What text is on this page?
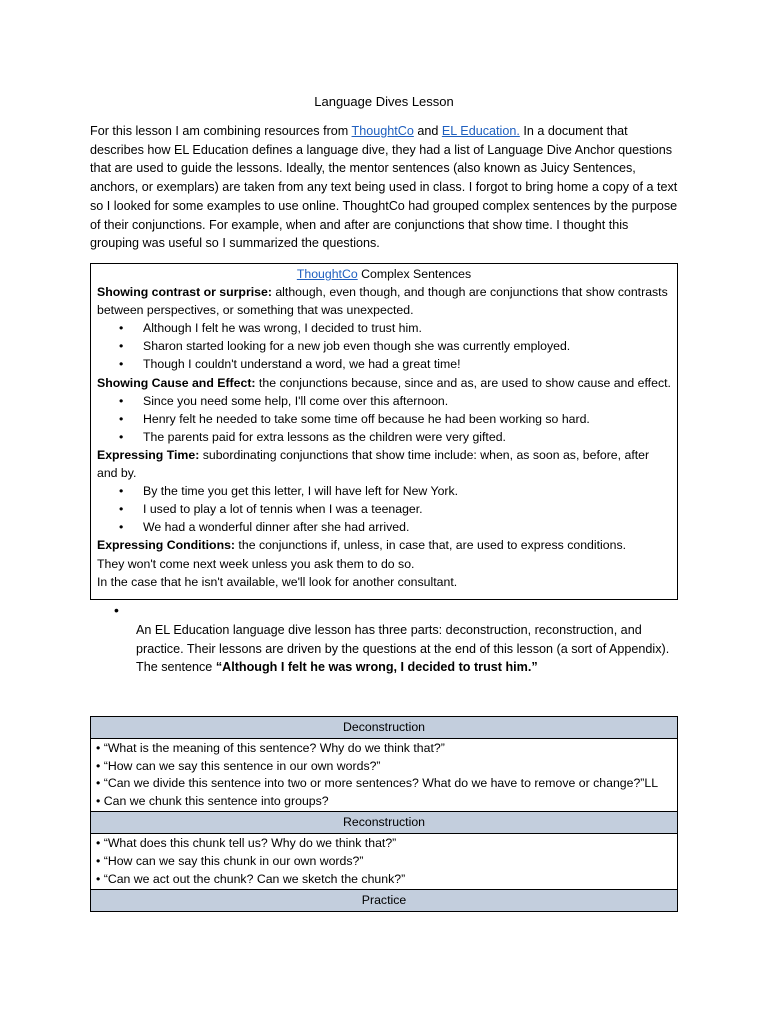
Language Dives Lesson

For this lesson I am combining resources from ThoughtCo and EL Education. In a document that describes how EL Education defines a language dive, they had a list of Language Dive Anchor questions that are used to guide the lessons. Ideally, the mentor sentences (also known as Juicy Sentences, anchors, or exemplars) are taken from any text being used in class. I forgot to bring home a copy of a text so I looked for some examples to use online. ThoughtCo had grouped complex sentences by the purpose of their conjunctions. For example, when and after are conjunctions that show time. I thought this grouping was useful so I summarized the questions.

ThoughtCo Complex Sentences

Showing contrast or surprise: although, even though, and though are conjunctions that show contrasts between perspectives, or something that was unexpected.

• Although I felt he was wrong, I decided to trust him.
• Sharon started looking for a new job even though she was currently employed.
• Though I couldn't understand a word, we had a great time!

Showing Cause and Effect: the conjunctions because, since and as, are used to show cause and effect.

• Since you need some help, I'll come over this afternoon.
• Henry felt he needed to take some time off because he had been working so hard.
• The parents paid for extra lessons as the children were very gifted.

Expressing Time: subordinating conjunctions that show time include: when, as soon as, before, after and by.

• By the time you get this letter, I will have left for New York.
• I used to play a lot of tennis when I was a teenager.
• We had a wonderful dinner after she had arrived.

Expressing Conditions: the conjunctions if, unless, in case that, are used to express conditions.

They won't come next week unless you ask them to do so.

In the case that he isn't available, we'll look for another consultant.

•

An EL Education language dive lesson has three parts: deconstruction, reconstruction, and practice. Their lessons are driven by the questions at the end of this lesson (a sort of Appendix). The sentence “Although I felt he was wrong, I decided to trust him.”

Deconstruction

• “What is the meaning of this sentence? Why do we think that?”
• “How can we say this sentence in our own words?”
• “Can we divide this sentence into two or more sentences? What do we have to remove or change?”LL
• Can we chunk this sentence into groups?

Reconstruction

• “What does this chunk tell us? Why do we think that?”
• “How can we say this chunk in our own words?”
• “Can we act out the chunk? Can we sketch the chunk?”

Practice
